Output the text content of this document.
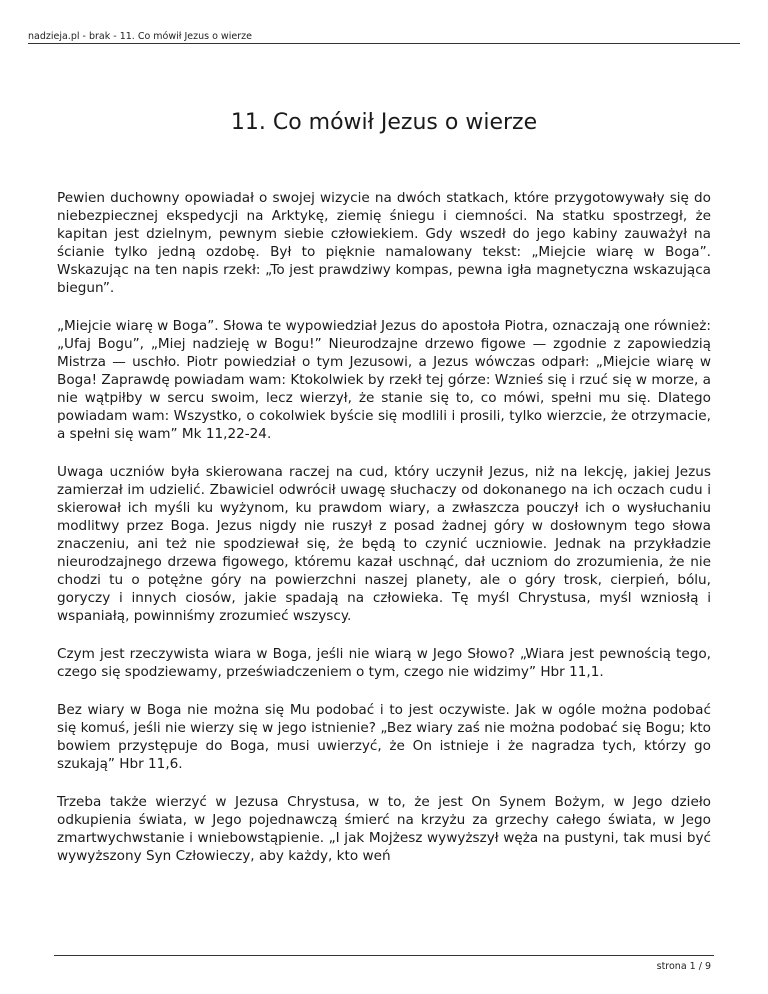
nadzieja.pl - brak - 11. Co mówił Jezus o wierze
11. Co mówił Jezus o wierze

Pewien duchowny opowiadał o swojej wizycie na dwóch statkach, które przygotowywały się do niebezpiecznej ekspedycji na Arktykę, ziemię śniegu i ciemności. Na statku spostrzegł, że kapitan jest dzielnym, pewnym siebie człowiekiem. Gdy wszedł do jego kabiny zauważył na ścianie tylko jedną ozdobę. Był to pięknie namalowany tekst: „Miejcie wiarę w Boga”. Wskazując na ten napis rzekł: „To jest prawdziwy kompas, pewna igła magnetyczna wskazująca biegun”.

„Miejcie wiarę w Boga”. Słowa te wypowiedział Jezus do apostoła Piotra, oznaczają one również: „Ufaj Bogu”, „Miej nadzieję w Bogu!” Nieurodzajne drzewo figowe — zgodnie z zapowiedzią Mistrza — uschło. Piotr powiedział o tym Jezusowi, a Jezus wówczas odparł: „Miejcie wiarę w Boga! Zaprawdę powiadam wam: Ktokolwiek by rzekł tej górze: Wznieś się i rzuć się w morze, a nie wątpiłby w sercu swoim, lecz wierzył, że stanie się to, co mówi, spełni mu się. Dlatego powiadam wam: Wszystko, o cokolwiek byście się modlili i prosili, tylko wierzcie, że otrzymacie, a spełni się wam” Mk 11,22-24.

Uwaga uczniów była skierowana raczej na cud, który uczynił Jezus, niż na lekcję, jakiej Jezus zamierzał im udzielić. Zbawiciel odwrócił uwagę słuchaczy od dokonanego na ich oczach cudu i skierował ich myśli ku wyżynom, ku prawdom wiary, a zwłaszcza pouczył ich o wysłuchaniu modlitwy przez Boga. Jezus nigdy nie ruszył z posad żadnej góry w dosłownym tego słowa znaczeniu, ani też nie spodziewał się, że będą to czynić uczniowie. Jednak na przykładzie nieurodzajnego drzewa figowego, któremu kazał uschnąć, dał uczniom do zrozumienia, że nie chodzi tu o potężne góry na powierzchni naszej planety, ale o góry trosk, cierpień, bólu, goryczy i innych ciosów, jakie spadają na człowieka. Tę myśl Chrystusa, myśl wzniosłą i wspaniałą, powinniśmy zrozumieć wszyscy.

Czym jest rzeczywista wiara w Boga, jeśli nie wiarą w Jego Słowo? „Wiara jest pewnością tego, czego się spodziewamy, przeświadczeniem o tym, czego nie widzimy” Hbr 11,1.

Bez wiary w Boga nie można się Mu podobać i to jest oczywiste. Jak w ogóle można podobać się komuś, jeśli nie wierzy się w jego istnienie? „Bez wiary zaś nie można podobać się Bogu; kto bowiem przystępuje do Boga, musi uwierzyć, że On istnieje i że nagradza tych, którzy go szukają” Hbr 11,6.

Trzeba także wierzyć w Jezusa Chrystusa, w to, że jest On Synem Bożym, w Jego dzieło odkupienia świata, w Jego pojednawczą śmierć na krzyżu za grzechy całego świata, w Jego zmartwychwstanie i wniebowstąpienie. „I jak Mojżesz wywyższył węża na pustyni, tak musi być wywyższony Syn Człowieczy, aby każdy, kto weń

strona 1 / 9
